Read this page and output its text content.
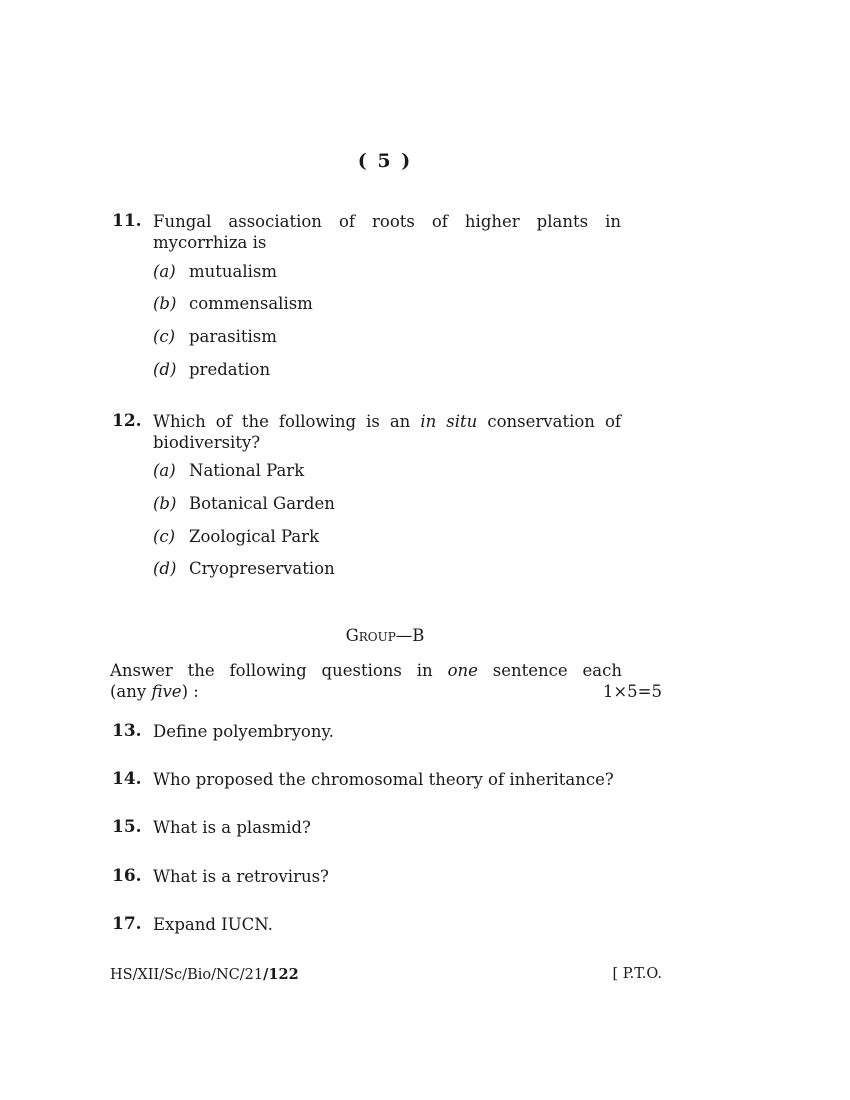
( 5 )
11. Fungal association of roots of higher plants in
mycorrhiza is
(a) mutualism
(b) commensalism
(c) parasitism
(d) predation
12. Which of the following is an in situ conservation of
biodiversity?
(a) National Park
(b) Botanical Garden
(c) Zoological Park
(d) Cryopreservation
Group—B
Answer the following questions in one sentence each
(any five) :	1×5=5
13. Define polyembryony.
14. Who proposed the chromosomal theory of inheritance?
15. What is a plasmid?
16. What is a retrovirus?
17. Expand IUCN.
HS/XII/Sc/Bio/NC/21/122	[ P.T.O.
